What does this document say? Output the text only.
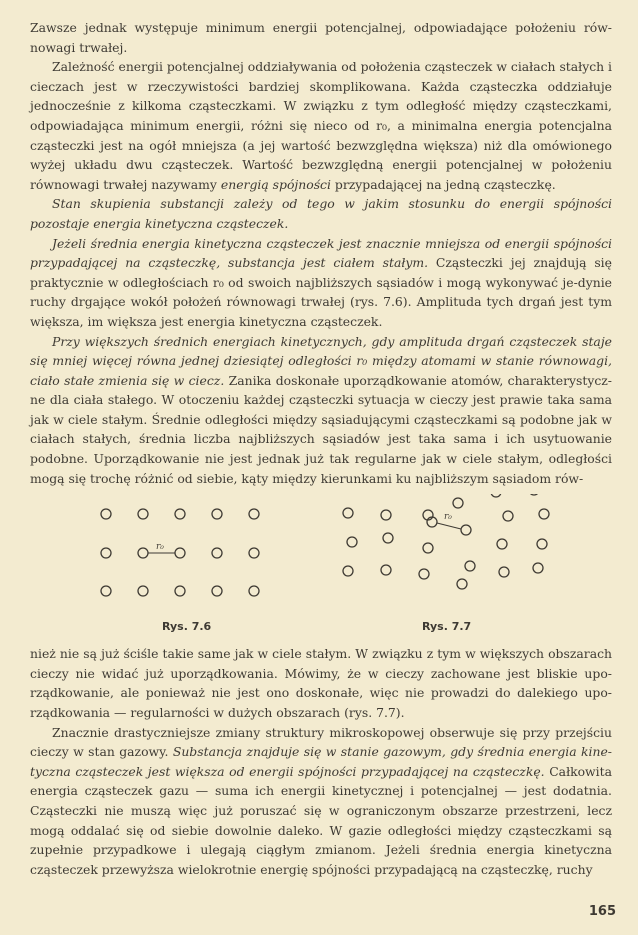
Zawsze jednak występuje minimum energii potencjalnej, odpowiadające położeniu rów-nowagi trwałej.

Zależność energii potencjalnej oddziaływania od położenia cząsteczek w ciałach stałych i cieczach jest w rzeczywistości bardziej skomplikowana. Każda cząsteczka oddziałuje jednocześnie z kilkoma cząsteczkami. W związku z tym odległość między cząsteczkami, odpowiadająca minimum energii, różni się nieco od r₀, a minimalna energia potencjalna cząsteczki jest na ogół mniejsza (a jej wartość bezwzględna większa) niż dla omówionego wyżej układu dwu cząsteczek. Wartość bezwzględną energii potencjalnej w położeniu równowagi trwałej nazywamy energią spójności przypadającej na jedną cząsteczkę.

Stan skupienia substancji zależy od tego w jakim stosunku do energii spójności pozostaje energia kinetyczna cząsteczek.

Jeżeli średnia energia kinetyczna cząsteczek jest znacznie mniejsza od energii spójności przypadającej na cząsteczkę, substancja jest ciałem stałym. Cząsteczki jej znajdują się praktycznie w odległościach r₀ od swoich najbliższych sąsiadów i mogą wykonywać je-dynie ruchy drgające wokół położeń równowagi trwałej (rys. 7.6). Amplituda tych drgań jest tym większa, im większa jest energia kinetyczna cząsteczek.

Przy większych średnich energiach kinetycznych, gdy amplituda drgań cząsteczek staje się mniej więcej równa jednej dziesiątej odległości r₀ między atomami w stanie równowagi, ciało stałe zmienia się w ciecz. Zanika doskonałe uporządkowanie atomów, charakterystycz-ne dla ciała stałego. W otoczeniu każdej cząsteczki sytuacja w cieczy jest prawie taka sama jak w ciele stałym. Średnie odległości między sąsiadującymi cząsteczkami są podobne jak w ciałach stałych, średnia liczba najbliższych sąsiadów jest taka sama i ich usytuowanie podobne. Uporządkowanie nie jest jednak już tak regularne jak w ciele stałym, odległości mogą się trochę różnić od siebie, kąty między kierunkami ku najbliższym sąsiadom rów-

r₀
r₀
Rys. 7.6	Rys. 7.7

nież nie są już ściśle takie same jak w ciele stałym. W związku z tym w większych obszarach cieczy nie widać już uporządkowania. Mówimy, że w cieczy zachowane jest bliskie upo-rządkowanie, ale ponieważ nie jest ono doskonałe, więc nie prowadzi do dalekiego upo-rządkowania — regularności w dużych obszarach (rys. 7.7).

Znacznie drastyczniejsze zmiany struktury mikroskopowej obserwuje się przy przejściu cieczy w stan gazowy. Substancja znajduje się w stanie gazowym, gdy średnia energia kine-tyczna cząsteczek jest większa od energii spójności przypadającej na cząsteczkę. Całkowita energia cząsteczek gazu — suma ich energii kinetycznej i potencjalnej — jest dodatnia. Cząsteczki nie muszą więc już poruszać się w ograniczonym obszarze przestrzeni, lecz mogą oddalać się od siebie dowolnie daleko. W gazie odległości między cząsteczkami są zupełnie przypadkowe i ulegają ciągłym zmianom. Jeżeli średnia energia kinetyczna cząsteczek przewyższa wielokrotnie energię spójności przypadającą na cząsteczkę, ruchy

165
